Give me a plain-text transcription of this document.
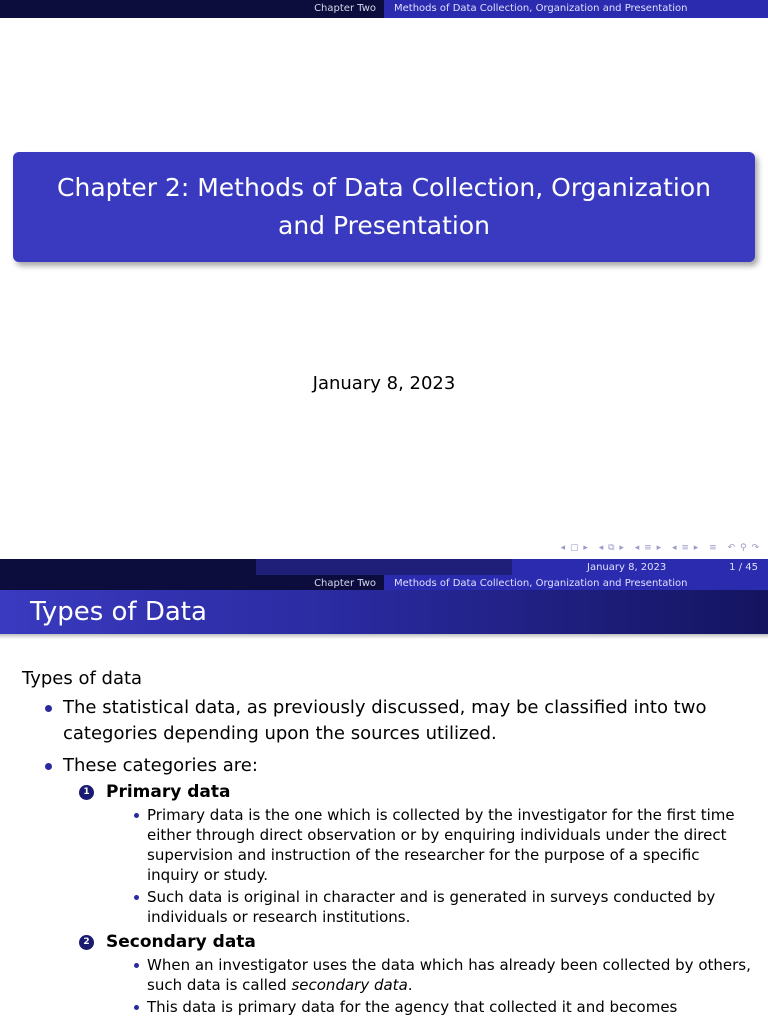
Chapter Two	Methods of Data Collection, Organization and Presentation
Chapter 2: Methods of Data Collection, Organization and Presentation
January 8, 2023
◂ ▢ ▸ ◂ ⧉ ▸ ◂ ≡ ▸ ◂ ≡ ▸ ≡ ↶ ⚲ ↷
January 8, 2023	1 / 45
Chapter Two	Methods of Data Collection, Organization and Presentation
Types of Data

Types of data

The statistical data, as previously discussed, may be classified into two categories depending upon the sources utilized.
These categories are:
1 Primary data
Primary data is the one which is collected by the investigator for the first time either through direct observation or by enquiring individuals under the direct supervision and instruction of the researcher for the purpose of a specific inquiry or study.
Such data is original in character and is generated in surveys conducted by individuals or research institutions.
2 Secondary data
When an investigator uses the data which has already been collected by others, such data is called secondary data.
This data is primary data for the agency that collected it and becomes
